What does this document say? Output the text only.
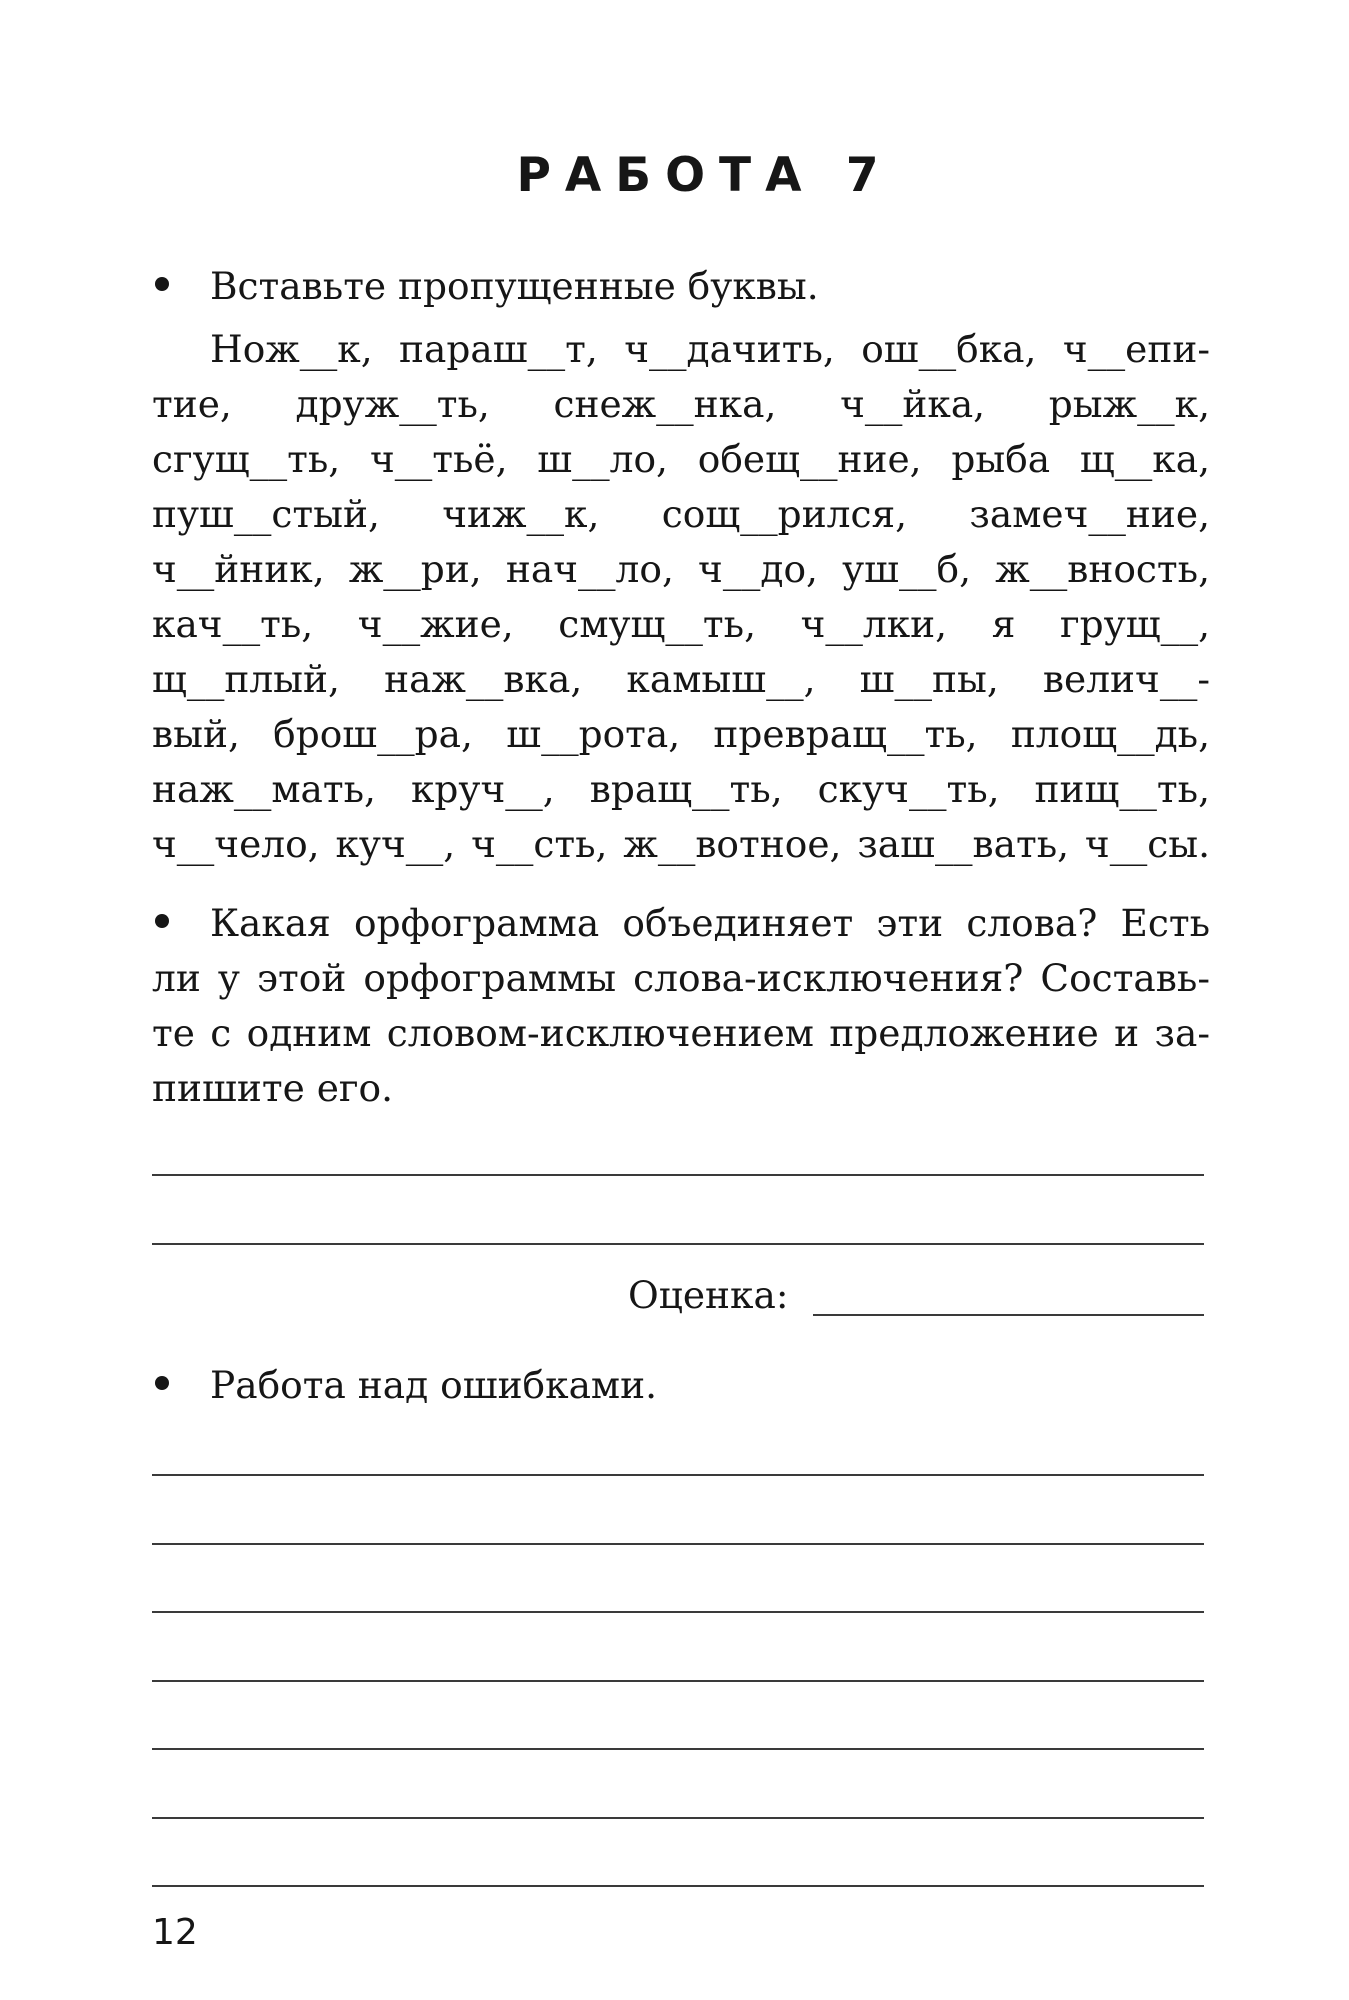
РАБОТА 7
Вставьте пропущенные буквы.
Нож__к, параш__т, ч__дачить, ош__бка, ч__епи-
тие, друж__ть, снеж__нка, ч__йка, рыж__к,
сгущ__ть, ч__тьё, ш__ло, обещ__ние, рыба щ__ка,
пуш__стый, чиж__к, сощ__рился, замеч__ние,
ч__йник, ж__ри, нач__ло, ч__до, уш__б, ж__вность,
кач__ть, ч__жие, смущ__ть, ч__лки, я грущ__,
щ__плый, наж__вка, камыш__, ш__пы, велич__-
вый, брош__ра, ш__рота, превращ__ть, площ__дь,
наж__мать, круч__, вращ__ть, скуч__ть, пищ__ть,
ч__чело, куч__, ч__сть, ж__вотное, заш__вать, ч__сы.
Какая орфограмма объединяет эти слова? Есть
ли у этой орфограммы слова-исключения? Составь-
те с одним словом-исключением предложение и за-
пишите его.
Оценка:
Работа над ошибками.
12
